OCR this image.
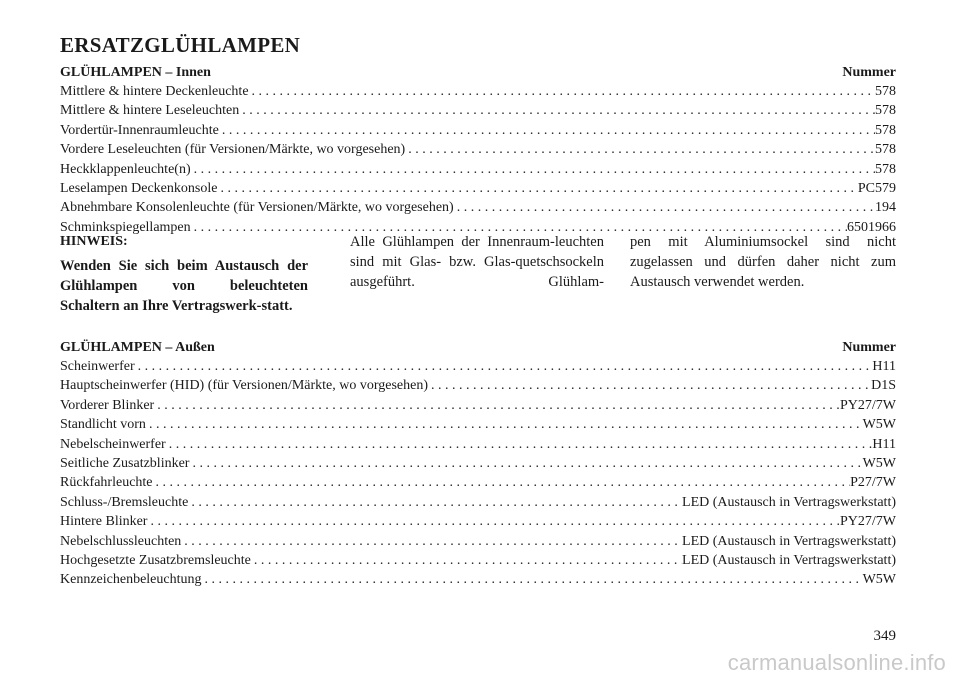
ERSATZGLÜHLAMPEN
GLÜHLAMPEN – Innen	Nummer
Mittlere & hintere Deckenleuchte . . .	578
Mittlere & hintere Leseleuchten . . .	578
Vordertür-Innenraumleuchte . . .	578
Vordere Leseleuchten (für Versionen/Märkte, wo vorgesehen) . . .	578
Heckklappenleuchte(n) . . .	578
Leselampen Deckenkonsole . . .	PC579
Abnehmbare Konsolenleuchte (für Versionen/Märkte, wo vorgesehen) . . .	194
Schminkspiegellampen . . .	6501966
HINWEIS:
Wenden Sie sich beim Austausch der Glühlampen von beleuchteten Schaltern an Ihre Vertragswerk-statt.
Alle Glühlampen der Innenraum-leuchten sind mit Glas- bzw. Glas-quetschsockeln ausgeführt. Glühlam-
pen mit Aluminiumsockel sind nicht zugelassen und dürfen daher nicht zum Austausch verwendet werden.
GLÜHLAMPEN – Außen	Nummer
Scheinwerfer . . .	H11
Hauptscheinwerfer (HID) (für Versionen/Märkte, wo vorgesehen) . . .	D1S
Vorderer Blinker . . .	PY27/7W
Standlicht vorn . . .	W5W
Nebelscheinwerfer . . .	H11
Seitliche Zusatzblinker . . .	W5W
Rückfahrleuchte . . .	P27/7W
Schluss-/Bremsleuchte . . .	LED (Austausch in Vertragswerkstatt)
Hintere Blinker . . .	PY27/7W
Nebelschlussleuchten . . .	LED (Austausch in Vertragswerkstatt)
Hochgesetzte Zusatzbremsleuchte . . .	LED (Austausch in Vertragswerkstatt)
Kennzeichenbeleuchtung . . .	W5W
349
carmanualsonline.info
